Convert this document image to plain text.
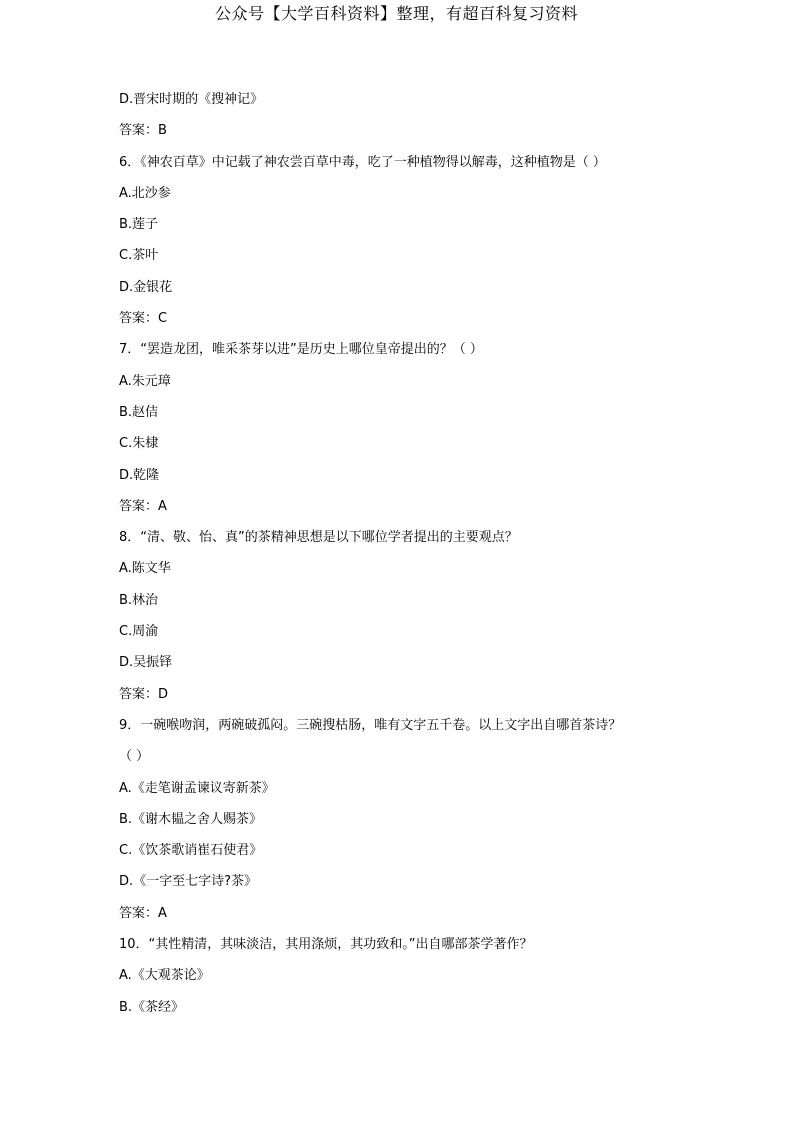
公众号【大学百科资料】整理，有超百科复习资料
D.晋宋时期的《搜神记》
答案：B
6．《神农百草》中记载了神农尝百草中毒，吃了一种植物得以解毒，这种植物是（ ）
A.北沙参
B.莲子
C.茶叶
D.金银花
答案：C
7．“罢造龙团，唯采茶芽以进”是历史上哪位皇帝提出的？（ ）
A.朱元璋
B.赵佶
C.朱棣
D.乾隆
答案：A
8．“清、敬、怡、真”的茶精神思想是以下哪位学者提出的主要观点？
A.陈文华
B.林治
C.周渝
D.吴振铎
答案：D
9．一碗喉吻润，两碗破孤闷。三碗搜枯肠，唯有文字五千卷。以上文字出自哪首茶诗？
（ ）
A.《走笔谢孟谏议寄新茶》
B.《谢木韫之舍人赐茶》
C.《饮茶歌诮崔石使君》
D.《一字至七字诗?茶》
答案：A
10．“其性精清，其味淡洁，其用涤烦，其功致和。”出自哪部茶学著作？
A.《大观茶论》
B.《茶经》
